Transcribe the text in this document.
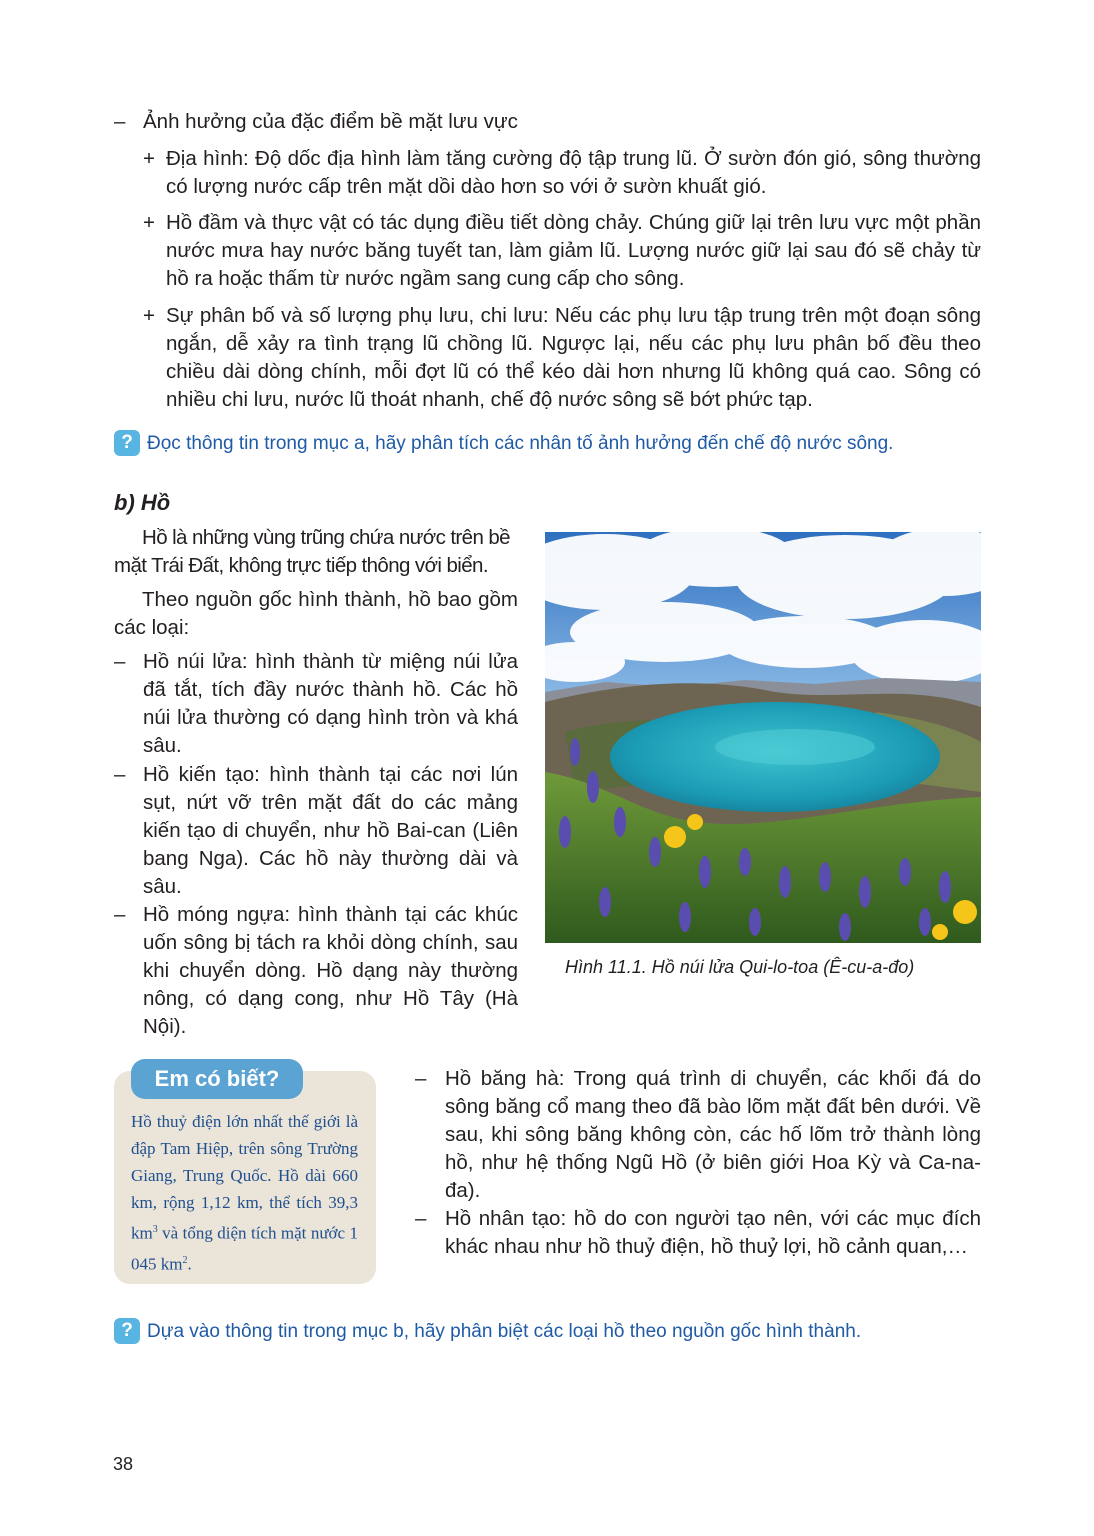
– Ảnh hưởng của đặc điểm bề mặt lưu vực
+ Địa hình: Độ dốc địa hình làm tăng cường độ tập trung lũ. Ở sườn đón gió, sông thường có lượng nước cấp trên mặt dồi dào hơn so với ở sườn khuất gió.
+ Hồ đầm và thực vật có tác dụng điều tiết dòng chảy. Chúng giữ lại trên lưu vực một phần nước mưa hay nước băng tuyết tan, làm giảm lũ. Lượng nước giữ lại sau đó sẽ chảy từ hồ ra hoặc thấm từ nước ngầm sang cung cấp cho sông.
+ Sự phân bố và số lượng phụ lưu, chi lưu: Nếu các phụ lưu tập trung trên một đoạn sông ngắn, dễ xảy ra tình trạng lũ chồng lũ. Ngược lại, nếu các phụ lưu phân bố đều theo chiều dài dòng chính, mỗi đợt lũ có thể kéo dài hơn nhưng lũ không quá cao. Sông có nhiều chi lưu, nước lũ thoát nhanh, chế độ nước sông sẽ bớt phức tạp.
? Đọc thông tin trong mục a, hãy phân tích các nhân tố ảnh hưởng đến chế độ nước sông.
b) Hồ
Hồ là những vùng trũng chứa nước trên bề mặt Trái Đất, không trực tiếp thông với biển.
Theo nguồn gốc hình thành, hồ bao gồm các loại:
– Hồ núi lửa: hình thành từ miệng núi lửa đã tắt, tích đầy nước thành hồ. Các hồ núi lửa thường có dạng hình tròn và khá sâu.
– Hồ kiến tạo: hình thành tại các nơi lún sụt, nứt vỡ trên mặt đất do các mảng kiến tạo di chuyển, như hồ Bai-can (Liên bang Nga). Các hồ này thường dài và sâu.
– Hồ móng ngựa: hình thành tại các khúc uốn sông bị tách ra khỏi dòng chính, sau khi chuyển dòng. Hồ dạng này thường nông, có dạng cong, như Hồ Tây (Hà Nội).
Hình 11.1. Hồ núi lửa Qui-lo-toa (Ê-cu-a-đo)
Em có biết?
Hồ thuỷ điện lớn nhất thế giới là đập Tam Hiệp, trên sông Trường Giang, Trung Quốc. Hồ dài 660 km, rộng 1,12 km, thể tích 39,3 $km^3$ và tổng diện tích mặt nước 1 045 $km^2$.
– Hồ băng hà: Trong quá trình di chuyển, các khối đá do sông băng cổ mang theo đã bào lõm mặt đất bên dưới. Về sau, khi sông băng không còn, các hố lõm trở thành lòng hồ, như hệ thống Ngũ Hồ (ở biên giới Hoa Kỳ và Ca-na-đa).
– Hồ nhân tạo: hồ do con người tạo nên, với các mục đích khác nhau như hồ thuỷ điện, hồ thuỷ lợi, hồ cảnh quan,…
? Dựa vào thông tin trong mục b, hãy phân biệt các loại hồ theo nguồn gốc hình thành.
38
